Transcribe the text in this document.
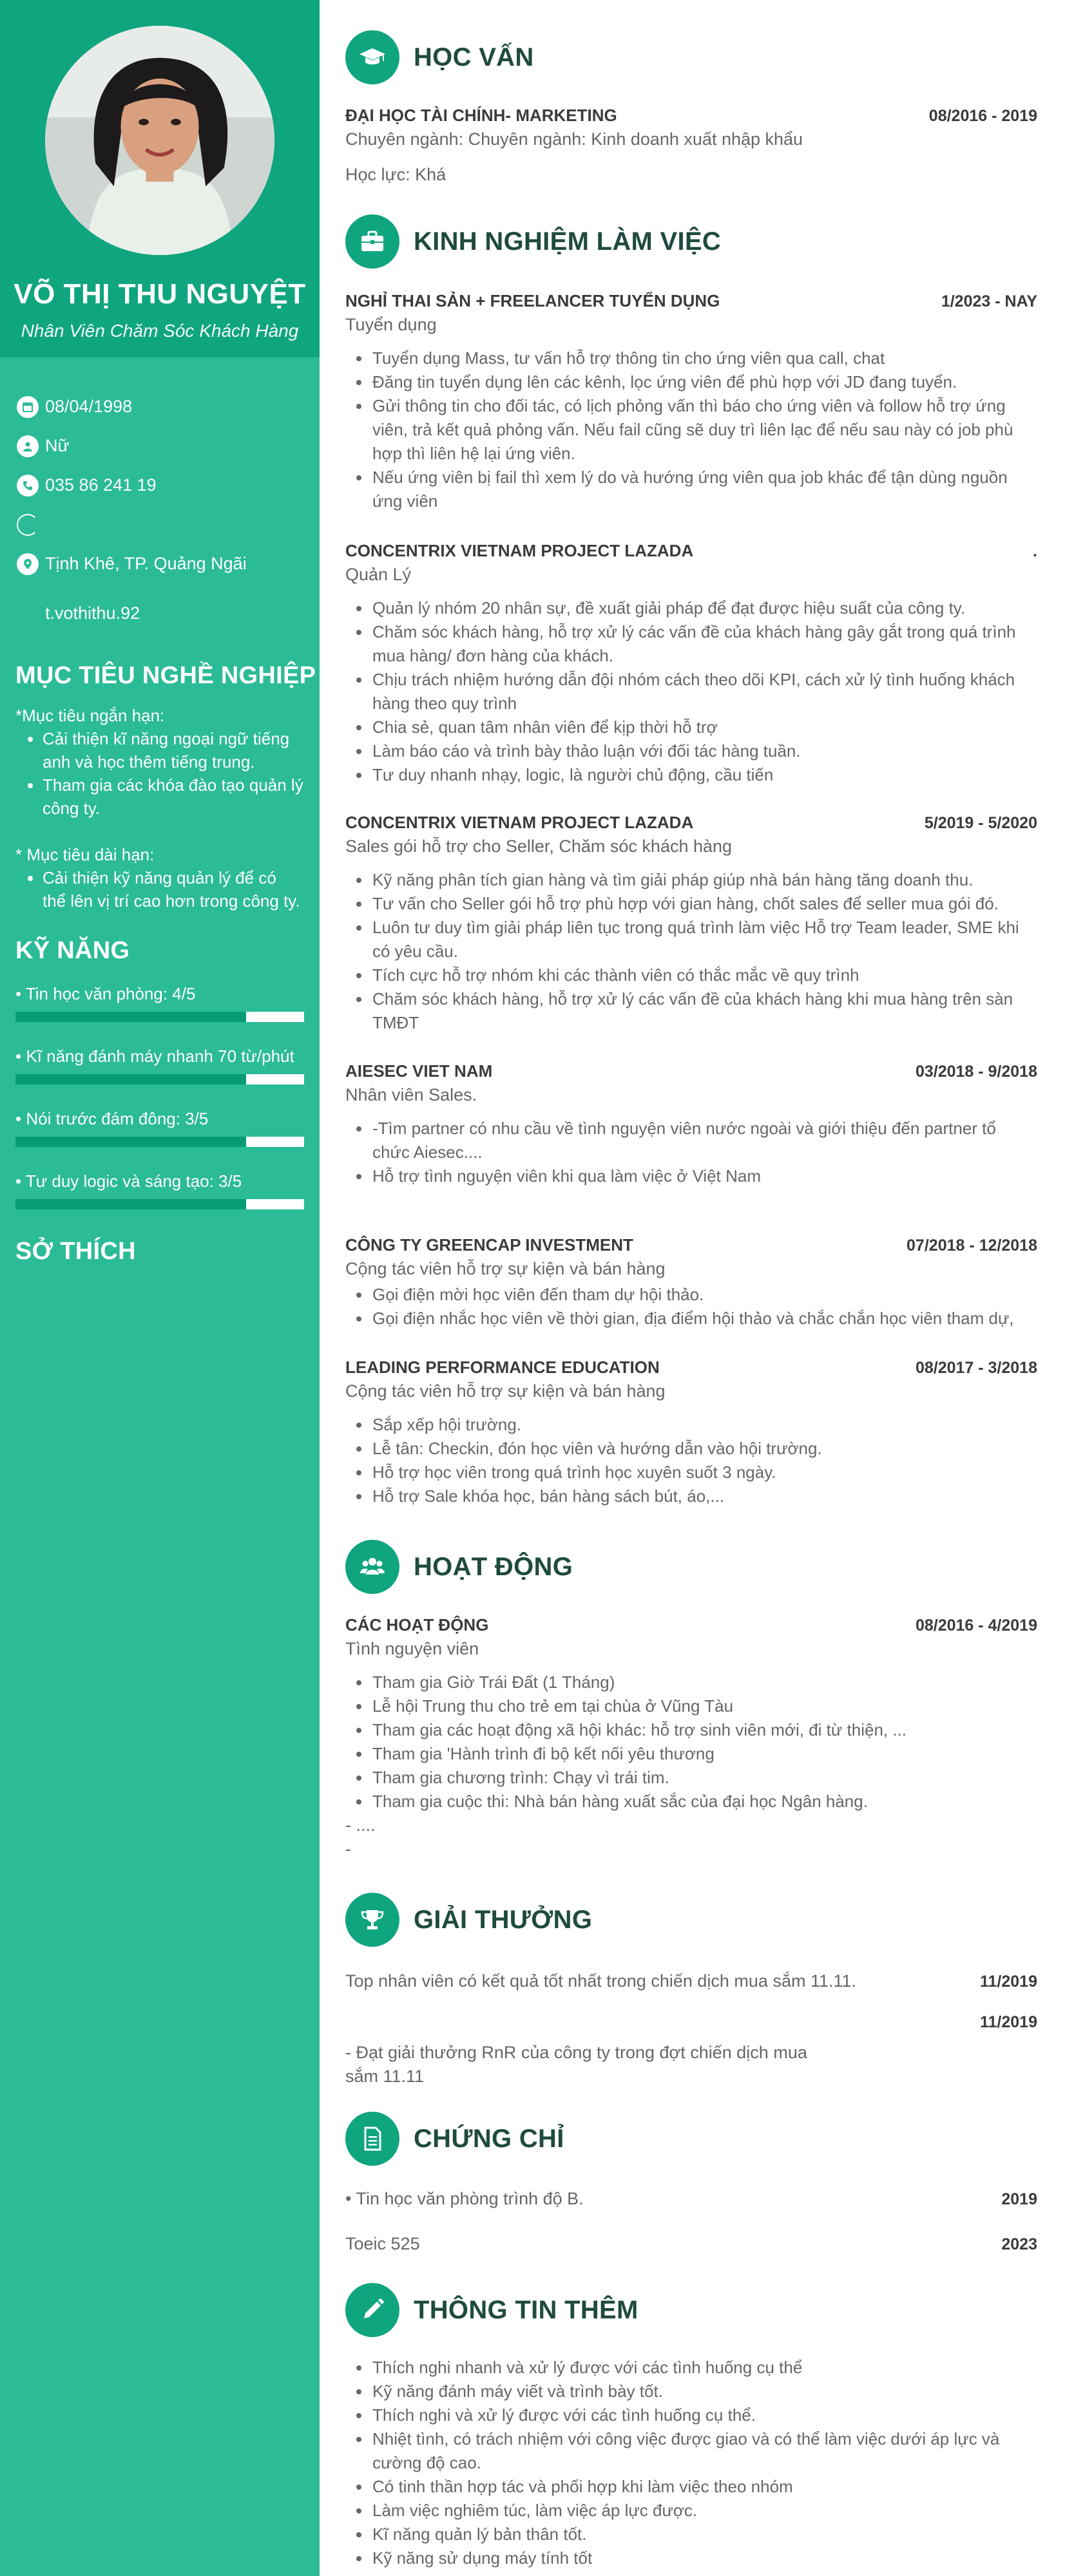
VÕ THỊ THU NGUYỆT
Nhân Viên Chăm Sóc Khách Hàng
08/04/1998
Nữ
035 86 241 19
Tịnh Khê, TP. Quảng Ngãi
t.vothithu.92
MỤC TIÊU NGHỀ NGHIỆP
*Mục tiêu ngắn hạn:
• Cải thiện kĩ năng ngoại ngữ tiếng anh và học thêm tiếng trung.
• Tham gia các khóa đào tạo quản lý công ty.
* Mục tiêu dài hạn:
• Cải thiện kỹ năng quản lý để có thể lên vị trí cao hơn trong công ty.
KỸ NĂNG
• Tin học văn phòng: 4/5
• Kĩ năng đánh máy nhanh 70 từ/phút
• Nói trước đám đông: 3/5
• Tư duy logic và sáng tạo: 3/5
SỞ THÍCH
HỌC VẤN
ĐẠI HỌC TÀI CHÍNH- MARKETING	08/2016 - 2019
Chuyên ngành: Chuyên ngành: Kinh doanh xuất nhập khẩu
Học lực: Khá
KINH NGHIỆM LÀM VIỆC
NGHỈ THAI SẢN + FREELANCER TUYỂN DỤNG	1/2023 - NAY
Tuyển dụng
• Tuyển dụng Mass, tư vấn hỗ trợ thông tin cho ứng viên qua call, chat
• Đăng tin tuyển dụng lên các kênh, lọc ứng viên để phù hợp với JD đang tuyển.
• Gửi thông tin cho đối tác, có lịch phỏng vấn thì báo cho ứng viên và follow hỗ trợ ứng viên, trả kết quả phỏng vấn. Nếu fail cũng sẽ duy trì liên lạc để nếu sau này có job phù hợp thì liên hệ lại ứng viên.
• Nếu ứng viên bị fail thì xem lý do và hướng ứng viên qua job khác để tận dùng nguồn ứng viên
CONCENTRIX VIETNAM PROJECT LAZADA	.
Quản Lý
• Quản lý nhóm 20 nhân sự, đề xuất giải pháp để đạt được hiệu suất của công ty.
• Chăm sóc khách hàng, hỗ trợ xử lý các vấn đề của khách hàng gây gắt trong quá trình mua hàng/ đơn hàng của khách.
• Chịu trách nhiệm hướng dẫn đội nhóm cách theo dõi KPI, cách xử lý tình huống khách hàng theo quy trình
• Chia sẻ, quan tâm nhân viên để kịp thời hỗ trợ
• Làm báo cáo và trình bày thảo luận với đối tác hàng tuần.
• Tư duy nhanh nhạy, logic, là người chủ động, cầu tiến
CONCENTRIX VIETNAM PROJECT LAZADA	5/2019 - 5/2020
Sales gói hỗ trợ cho Seller, Chăm sóc khách hàng
• Kỹ năng phân tích gian hàng và tìm giải pháp giúp nhà bán hàng tăng doanh thu.
• Tư vấn cho Seller gói hỗ trợ phù hợp với gian hàng, chốt sales để seller mua gói đó.
• Luôn tư duy tìm giải pháp liên tục trong quá trình làm việc Hỗ trợ Team leader, SME khi có yêu cầu.
• Tích cực hỗ trợ nhóm khi các thành viên có thắc mắc về quy trình
• Chăm sóc khách hàng, hỗ trợ xử lý các vấn đề của khách hàng khi mua hàng trên sàn TMĐT
AIESEC VIET NAM	03/2018 - 9/2018
Nhân viên Sales.
• -Tìm partner có nhu cầu về tình nguyện viên nước ngoài và giới thiệu đến partner tổ chức Aiesec....
• Hỗ trợ tình nguyện viên khi qua làm việc ở Việt Nam
CÔNG TY GREENCAP INVESTMENT	07/2018 - 12/2018
Cộng tác viên hỗ trợ sự kiện và bán hàng
• Gọi điện mời học viên đến tham dự hội thảo.
• Gọi điện nhắc học viên về thời gian, địa điểm hội thảo và chắc chắn học viên tham dự,
LEADING PERFORMANCE EDUCATION	08/2017 - 3/2018
Cộng tác viên hỗ trợ sự kiện và bán hàng
• Sắp xếp hội trường.
• Lễ tân: Checkin, đón học viên và hướng dẫn vào hội trường.
• Hỗ trợ học viên trong quá trình học xuyên suốt 3 ngày.
• Hỗ trợ Sale khóa học, bán hàng sách bút, áo,...
HOẠT ĐỘNG
CÁC HOẠT ĐỘNG	08/2016 - 4/2019
Tình nguyện viên
• Tham gia Giờ Trái Đất (1 Tháng)
• Lễ hội Trung thu cho trẻ em tại chùa ở Vũng Tàu
• Tham gia các hoạt động xã hội khác: hỗ trợ sinh viên mới, đi từ thiện, ...
• Tham gia 'Hành trình đi bộ kết nối yêu thương
• Tham gia chương trình: Chạy vì trái tim.
• Tham gia cuộc thi: Nhà bán hàng xuất sắc của đại học Ngân hàng.
- ....
-
GIẢI THƯỞNG
Top nhân viên có kết quả tốt nhất trong chiến dịch mua sắm 11.11.	11/2019
11/2019
- Đạt giải thưởng RnR của công ty trong đợt chiến dịch mua sắm 11.11
CHỨNG CHỈ
• Tin học văn phòng trình độ B.	2019
Toeic 525	2023
THÔNG TIN THÊM
• Thích nghi nhanh và xử lý được với các tình huống cụ thể
• Kỹ năng đánh máy viết và trình bày tốt.
• Thích nghi và xử lý được với các tình huống cụ thể.
• Nhiệt tình, có trách nhiệm với công việc được giao và có thể làm việc dưới áp lực và cường độ cao.
• Có tinh thần hợp tác và phối hợp khi làm việc theo nhóm
• Làm việc nghiêm túc, làm việc áp lực được.
• Kĩ năng quản lý bản thân tốt.
• Kỹ năng sử dụng máy tính tốt
